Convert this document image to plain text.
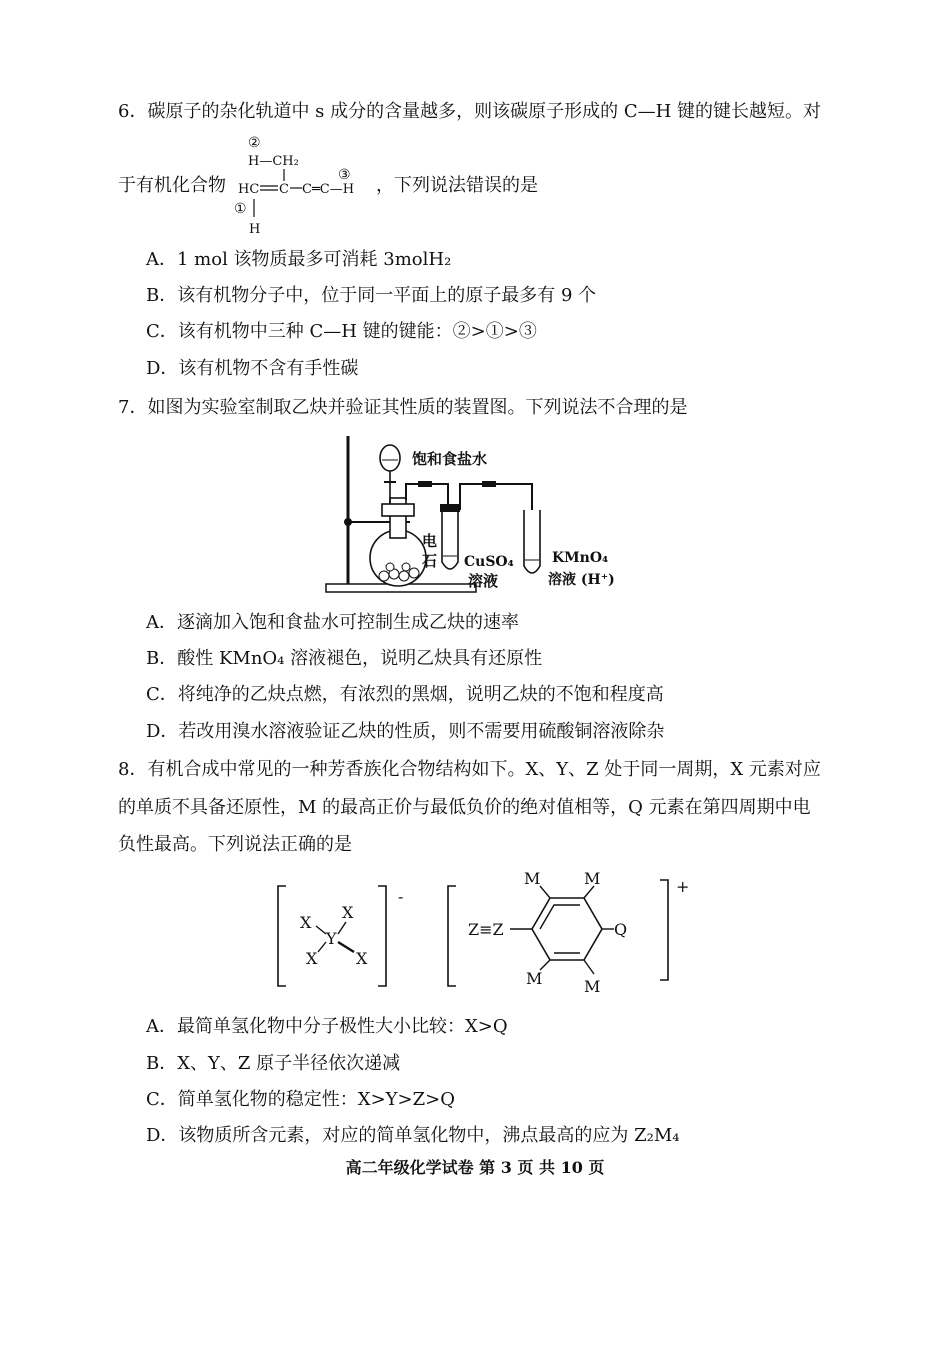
6．碳原子的杂化轨道中 s 成分的含量越多，则该碳原子形成的 C—H 键的键长越短。对
于有机化合物
②
H—CH₂
HC C C═C—H
③
①
H
，下列说法错误的是
A．1 mol 该物质最多可消耗 3molH₂
B．该有机物分子中，位于同一平面上的原子最多有 9 个
C．该有机物中三种 C—H 键的键能：②>①>③
D．该有机物不含有手性碳
7．如图为实验室制取乙炔并验证其性质的装置图。下列说法不合理的是
饱和食盐水
电
石 CuSO₄
溶液
KMnO₄
溶液 (H⁺)
A．逐滴加入饱和食盐水可控制生成乙炔的速率
B．酸性 KMnO₄ 溶液褪色，说明乙炔具有还原性
C．将纯净的乙炔点燃，有浓烈的黑烟，说明乙炔的不饱和程度高
D．若改用溴水溶液验证乙炔的性质，则不需要用硫酸铜溶液除杂
8．有机合成中常见的一种芳香族化合物结构如下。X、Y、Z 处于同一周期，X 元素对应
的单质不具备还原性，M 的最高正价与最低负价的绝对值相等，Q 元素在第四周期中电
负性最高。下列说法正确的是
-
X
X
Y
X X
+
Z≡Z
M	M
Q
M	M
A．最简单氢化物中分子极性大小比较：X>Q
B．X、Y、Z 原子半径依次递减
C．简单氢化物的稳定性：X>Y>Z>Q
D．该物质所含元素，对应的简单氢化物中，沸点最高的应为 Z₂M₄
高二年级化学试卷 第 3 页 共 10 页
